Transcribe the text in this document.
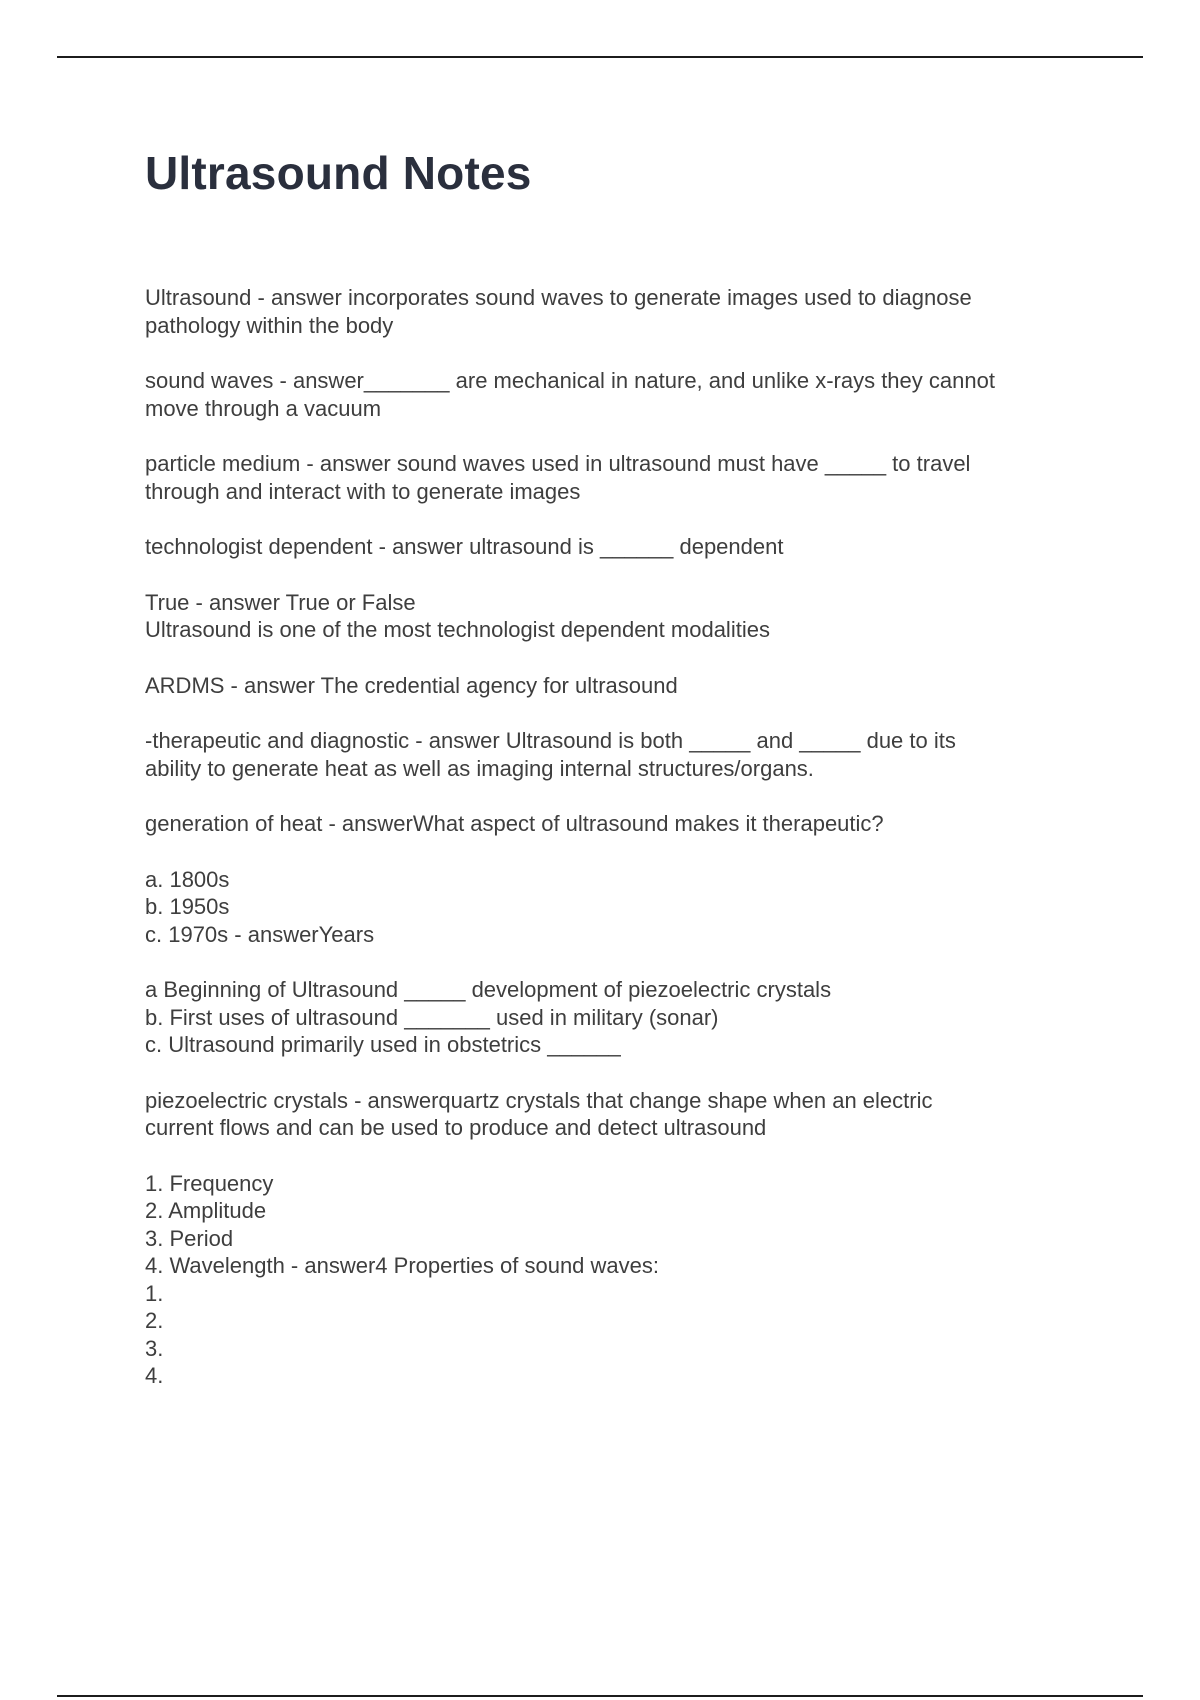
Ultrasound Notes
Ultrasound - answer incorporates sound waves to generate images used to diagnose
pathology within the body
sound waves - answer_______ are mechanical in nature, and unlike x-rays they cannot
move through a vacuum
particle medium - answer sound waves used in ultrasound must have _____ to travel
through and interact with to generate images
technologist dependent - answer ultrasound is ______ dependent
True - answer True or False
Ultrasound is one of the most technologist dependent modalities
ARDMS - answer The credential agency for ultrasound
-therapeutic and diagnostic - answer Ultrasound is both _____ and _____ due to its
ability to generate heat as well as imaging internal structures/organs.
generation of heat - answerWhat aspect of ultrasound makes it therapeutic?
a. 1800s
b. 1950s
c. 1970s - answerYears
a Beginning of Ultrasound _____ development of piezoelectric crystals
b. First uses of ultrasound _______ used in military (sonar)
c. Ultrasound primarily used in obstetrics ______
piezoelectric crystals - answerquartz crystals that change shape when an electric
current flows and can be used to produce and detect ultrasound
1. Frequency
2. Amplitude
3. Period
4. Wavelength - answer4 Properties of sound waves:
1.
2.
3.
4.
